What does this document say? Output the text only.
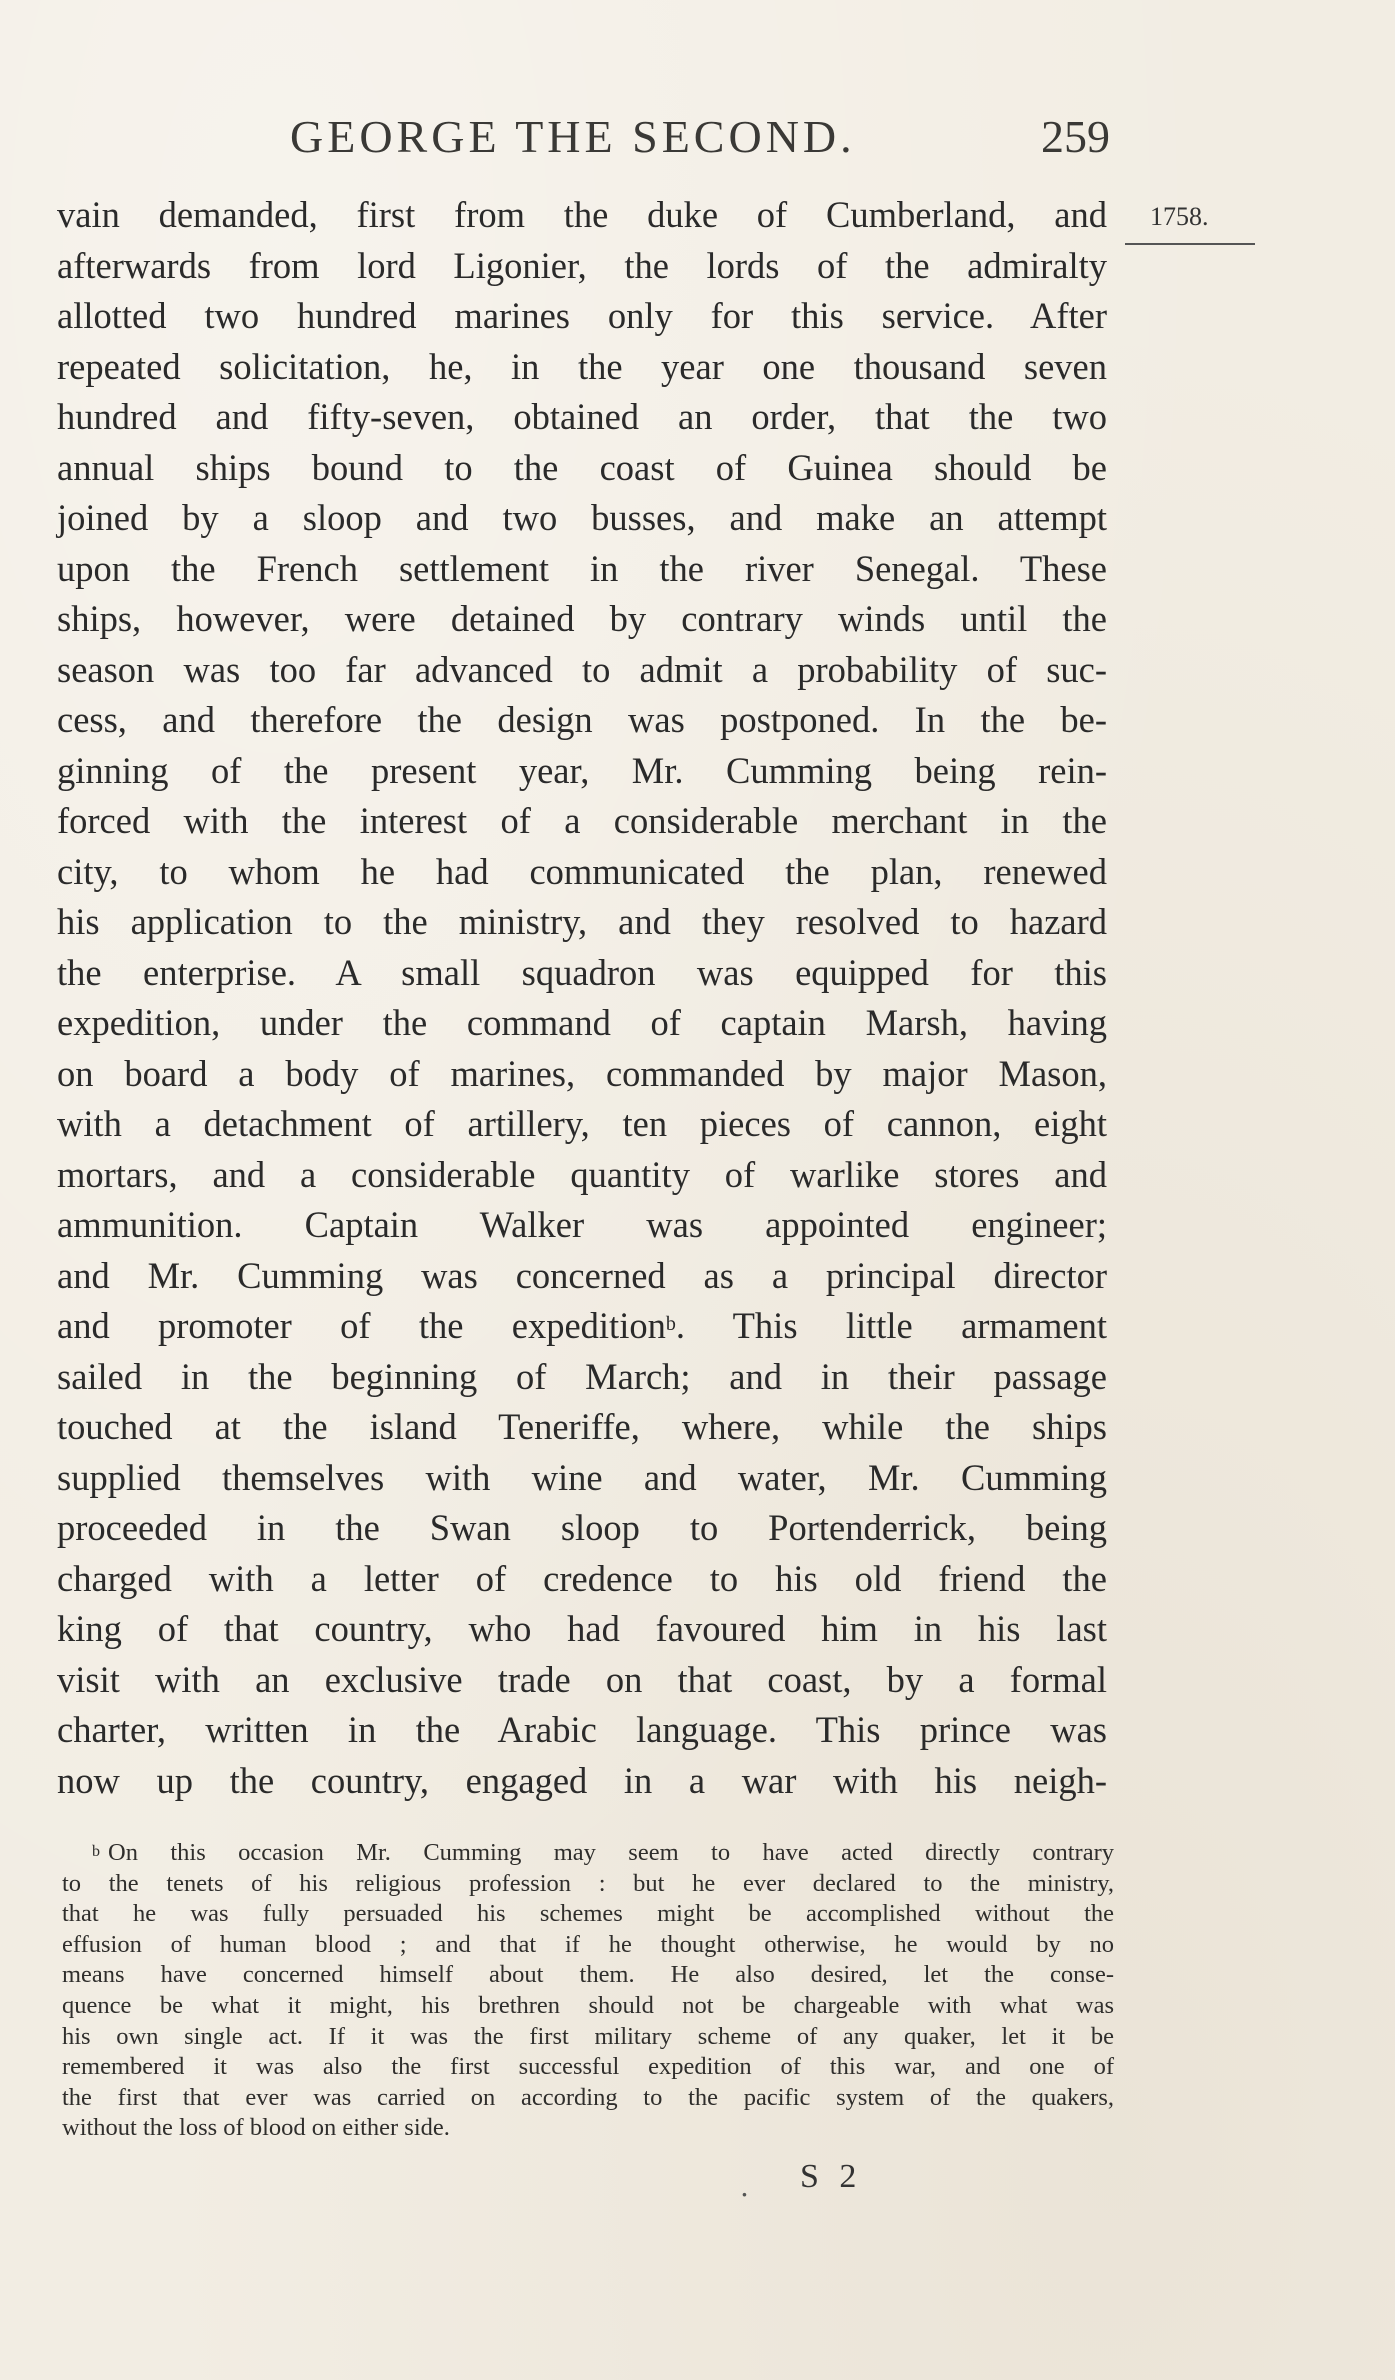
GEORGE THE SECOND.	259
1758.
vain demanded, first from the duke of Cumberland, and
afterwards from lord Ligonier, the lords of the admiralty
allotted two hundred marines only for this service. After
repeated solicitation, he, in the year one thousand seven
hundred and fifty-seven, obtained an order, that the two
annual ships bound to the coast of Guinea should be
joined by a sloop and two busses, and make an attempt
upon the French settlement in the river Senegal. These
ships, however, were detained by contrary winds until the
season was too far advanced to admit a probability of suc-
cess, and therefore the design was postponed. In the be-
ginning of the present year, Mr. Cumming being rein-
forced with the interest of a considerable merchant in the
city, to whom he had communicated the plan, renewed
his application to the ministry, and they resolved to hazard
the enterprise. A small squadron was equipped for this
expedition, under the command of captain Marsh, having
on board a body of marines, commanded by major Mason,
with a detachment of artillery, ten pieces of cannon, eight
mortars, and a considerable quantity of warlike stores and
ammunition. Captain Walker was appointed engineer;
and Mr. Cumming was concerned as a principal director
and promoter of the expedition$^b$. This little armament
sailed in the beginning of March; and in their passage
touched at the island Teneriffe, where, while the ships
supplied themselves with wine and water, Mr. Cumming
proceeded in the Swan sloop to Portenderrick, being
charged with a letter of credence to his old friend the
king of that country, who had favoured him in his last
visit with an exclusive trade on that coast, by a formal
charter, written in the Arabic language. This prince was
now up the country, engaged in a war with his neigh-
$^b$ On this occasion Mr. Cumming may seem to have acted directly contrary
to the tenets of his religious profession : but he ever declared to the ministry,
that he was fully persuaded his schemes might be accomplished without the
effusion of human blood ; and that if he thought otherwise, he would by no
means have concerned himself about them. He also desired, let the conse-
quence be what it might, his brethren should not be chargeable with what was
his own single act. If it was the first military scheme of any quaker, let it be
remembered it was also the first successful expedition of this war, and one of
the first that ever was carried on according to the pacific system of the quakers,
without the loss of blood on either side.
. S 2
